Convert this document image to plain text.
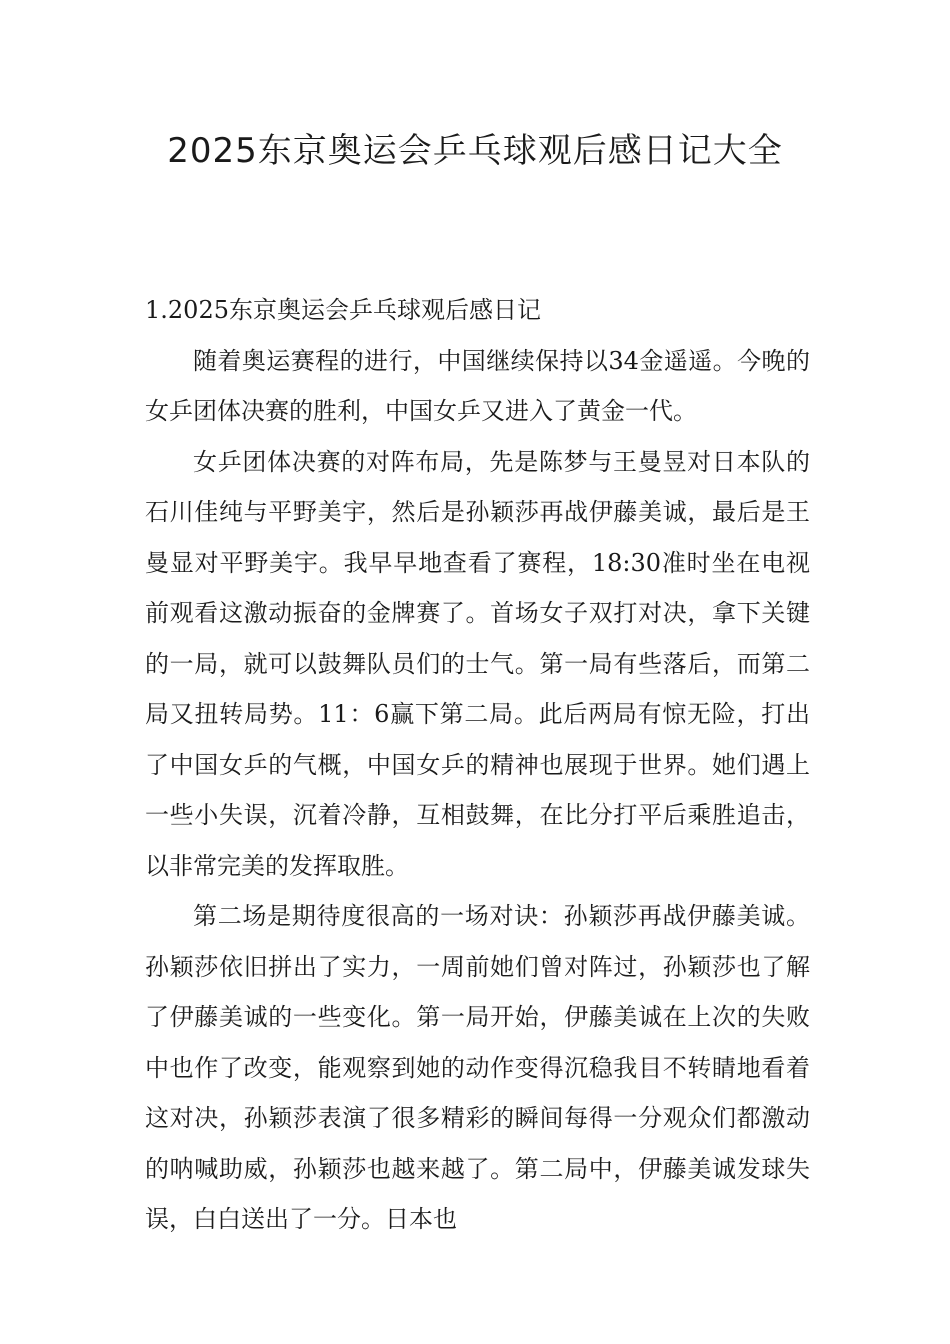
2025东京奥运会乒乓球观后感日记大全
1.2025东京奥运会乒乓球观后感日记

随着奥运赛程的进行，中国继续保持以34金遥遥。今晚的女乒团体决赛的胜利，中国女乒又进入了黄金一代。

女乒团体决赛的对阵布局，先是陈梦与王曼昱对日本队的石川佳纯与平野美宇，然后是孙颖莎再战伊藤美诚，最后是王曼显对平野美宇。我早早地查看了赛程，18:30准时坐在电视前观看这激动振奋的金牌赛了。首场女子双打对决，拿下关键的一局，就可以鼓舞队员们的士气。第一局有些落后，而第二局又扭转局势。11：6赢下第二局。此后两局有惊无险，打出了中国女乒的气概，中国女乒的精神也展现于世界。她们遇上一些小失误，沉着冷静，互相鼓舞，在比分打平后乘胜追击，以非常完美的发挥取胜。

第二场是期待度很高的一场对诀：孙颖莎再战伊藤美诚。孙颖莎依旧拼出了实力，一周前她们曾对阵过，孙颖莎也了解了伊藤美诚的一些变化。第一局开始，伊藤美诚在上次的失败中也作了改变，能观察到她的动作变得沉稳我目不转睛地看着这对决，孙颖莎表演了很多精彩的瞬间每得一分观众们都激动的呐喊助威，孙颖莎也越来越了。第二局中，伊藤美诚发球失误，白白送出了一分。日本也
